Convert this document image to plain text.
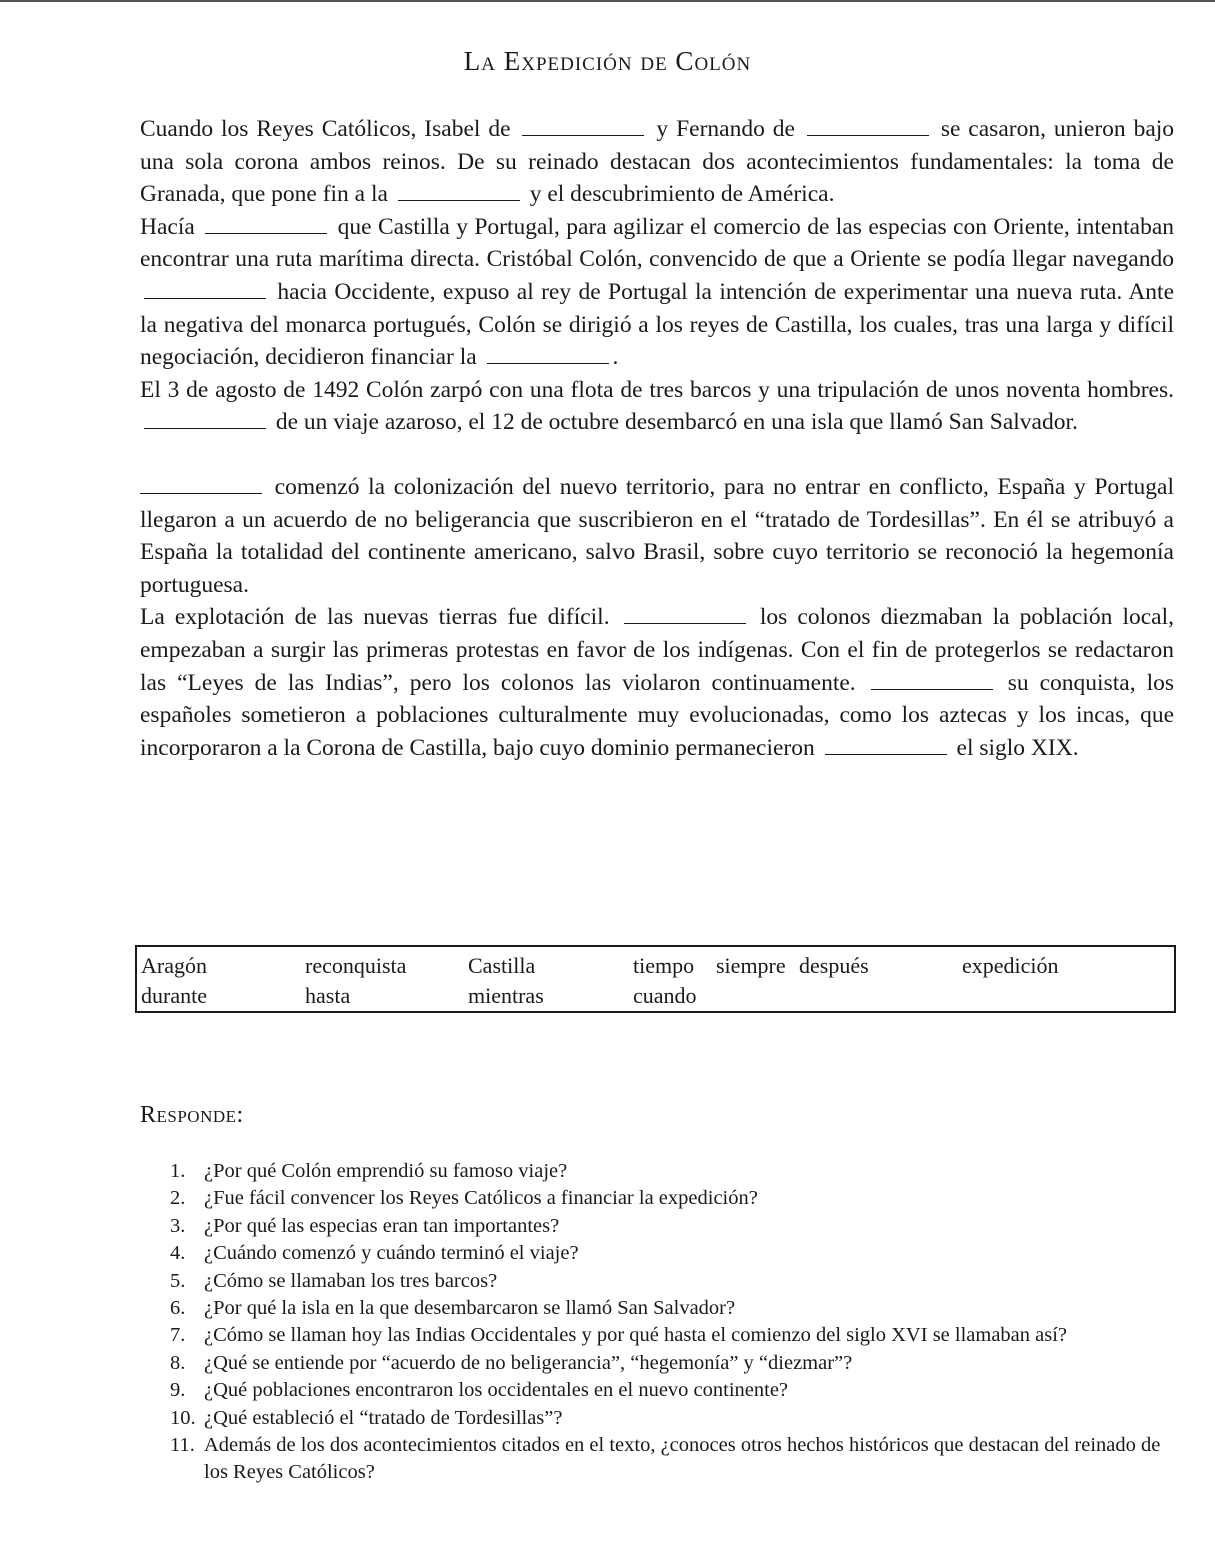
La Expedición de Colón

Cuando los Reyes Católicos, Isabel de	y Fernando de	se casaron, unieron bajo una sola corona ambos reinos. De su reinado destacan dos acontecimientos fundamentales: la toma de Granada, que pone fin a la	y el descubrimiento de América.

Hacía	que Castilla y Portugal, para agilizar el comercio de las especias con Oriente, intentaban encontrar una ruta marítima directa. Cristóbal Colón, convencido de que a Oriente se podía llegar navegando  hacia Occidente, expuso al rey de Portugal la intención de experimentar una nueva ruta. Ante la negativa del monarca portugués, Colón se dirigió a los reyes de Castilla, los cuales, tras una larga y difícil negociación, decidieron financiar la	.

El 3 de agosto de 1492 Colón zarpó con una flota de tres barcos y una tripulación de unos noventa hombres.  de un viaje azaroso, el 12 de octubre desembarcó en una isla que llamó San Salvador.

comenzó la colonización del nuevo territorio, para no entrar en conflicto, España y Portugal llegaron a un acuerdo de no beligerancia que suscribieron en el “tratado de Tordesillas”. En él se atribuyó a España la totalidad del continente americano, salvo Brasil, sobre cuyo territorio se reconoció la hegemonía portuguesa.

La explotación de las nuevas tierras fue difícil.	los colonos diezmaban la población local, empezaban a surgir las primeras protestas en favor de los indígenas. Con el fin de protegerlos se redactaron las “Leyes de las Indias”, pero los colonos las violaron continuamente.	su conquista, los españoles sometieron a poblaciones culturalmente muy evolucionadas, como los aztecas y los incas, que incorporaron a la Corona de Castilla, bajo cuyo dominio permanecieron	el siglo XIX.

Aragón	reconquista	Castilla	tiempo siempre después	expedición
durante	hasta	mientras	cuando
Responde:
1. ¿Por qué Colón emprendió su famoso viaje?
2. ¿Fue fácil convencer los Reyes Católicos a financiar la expedición?
3. ¿Por qué las especias eran tan importantes?
4. ¿Cuándo comenzó y cuándo terminó el viaje?
5. ¿Cómo se llamaban los tres barcos?
6. ¿Por qué la isla en la que desembarcaron se llamó San Salvador?
7. ¿Cómo se llaman hoy las Indias Occidentales y por qué hasta el comienzo del siglo XVI se llamaban así?
8. ¿Qué se entiende por “acuerdo de no beligerancia”, “hegemonía” y “diezmar”?
9. ¿Qué poblaciones encontraron los occidentales en el nuevo continente?
10. ¿Qué estableció el “tratado de Tordesillas”?
11. Además de los dos acontecimientos citados en el texto, ¿conoces otros hechos históricos que destacan del reinado de los Reyes Católicos?
